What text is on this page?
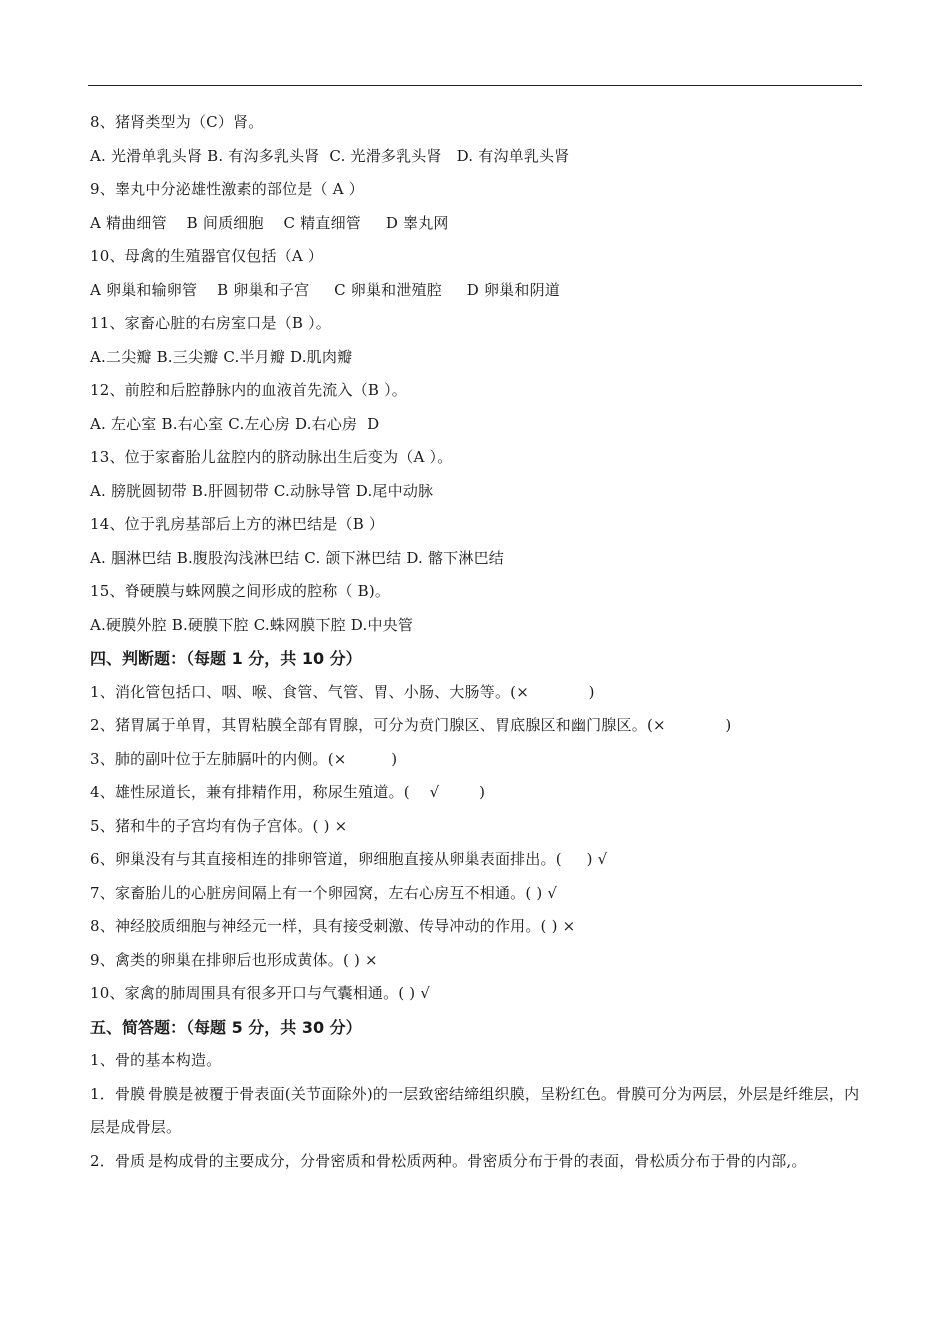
8、猪肾类型为（C）肾。
A. 光滑单乳头肾 B. 有沟多乳头肾  C. 光滑多乳头肾   D. 有沟单乳头肾
9、睾丸中分泌雄性激素的部位是（ A ）
A 精曲细管    B 间质细胞    C 精直细管     D 睾丸网
10、母禽的生殖器官仅包括（A ）
A 卵巢和输卵管    B 卵巢和子宫     C 卵巢和泄殖腔     D 卵巢和阴道
11、家畜心脏的右房室口是（B ）。
A.二尖瓣 B.三尖瓣 C.半月瓣 D.肌肉瓣
12、前腔和后腔静脉内的血液首先流入（B ）。
A. 左心室 B.右心室 C.左心房 D.右心房  D
13、位于家畜胎儿盆腔内的脐动脉出生后变为（A ）。
A. 膀胱圆韧带 B.肝圆韧带 C.动脉导管 D.尾中动脉
14、位于乳房基部后上方的淋巴结是（B ）
A. 腘淋巴结 B.腹股沟浅淋巴结 C. 颌下淋巴结 D. 髂下淋巴结
15、脊硬膜与蛛网膜之间形成的腔称（ B)。
A.硬膜外腔 B.硬膜下腔 C.蛛网膜下腔 D.中央管
四、判断题：（每题 1 分，共 10 分）
1、消化管包括口、咽、喉、食管、气管、胃、小肠、大肠等。(×            )
2、猪胃属于单胃，其胃粘膜全部有胃腺，可分为贲门腺区、胃底腺区和幽门腺区。(×            )
3、肺的副叶位于左肺膈叶的内侧。(×         )
4、雄性尿道长，兼有排精作用，称尿生殖道。(    √        )
5、猪和牛的子宫均有伪子宫体。( ) ×
6、卵巢没有与其直接相连的排卵管道，卵细胞直接从卵巢表面排出。(     ) √
7、家畜胎儿的心脏房间隔上有一个卵园窝，左右心房互不相通。( ) √
8、神经胶质细胞与神经元一样，具有接受刺激、传导冲动的作用。( ) ×
9、禽类的卵巢在排卵后也形成黄体。( ) ×
10、家禽的肺周围具有很多开口与气囊相通。( ) √
五、简答题：（每题 5 分，共 30 分）
1、骨的基本构造。
1．骨膜 骨膜是被覆于骨表面(关节面除外)的一层致密结缔组织膜，呈粉红色。骨膜可分为两层，外层是纤维层，内层是成骨层。
2．骨质 是构成骨的主要成分，分骨密质和骨松质两种。骨密质分布于骨的表面，骨松质分布于骨的内部,。
